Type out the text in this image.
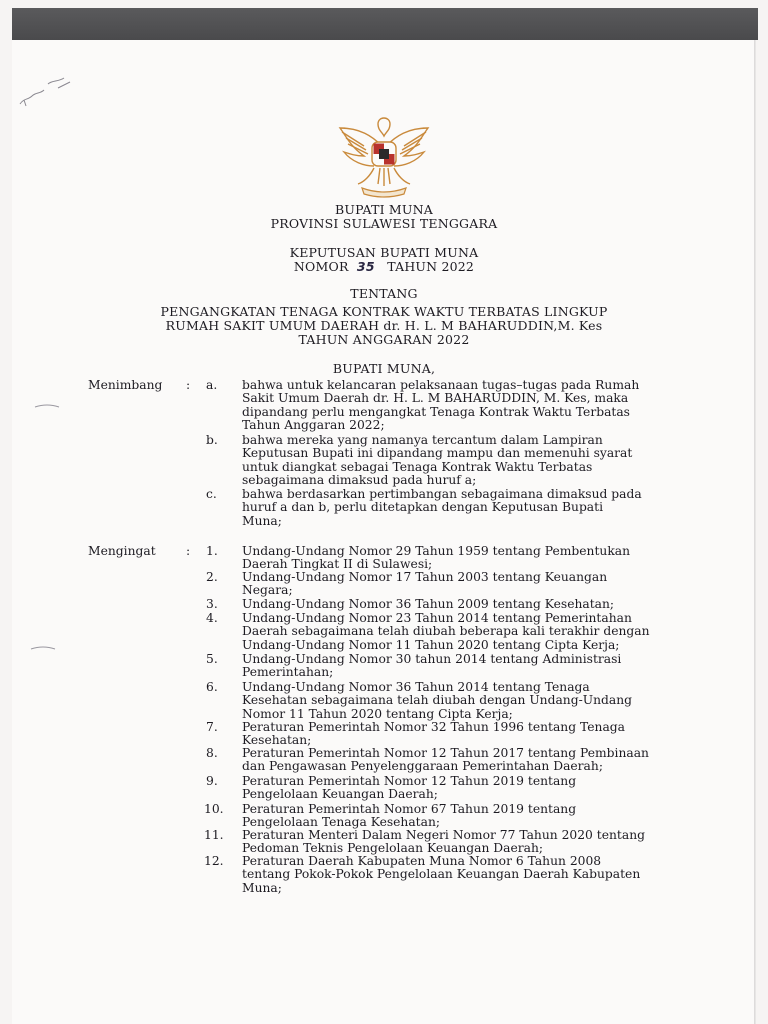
BUPATI MUNA
PROVINSI SULAWESI TENGGARA
KEPUTUSAN BUPATI MUNA
NOMOR 35 TAHUN 2022
TENTANG
PENGANGKATAN TENAGA KONTRAK WAKTU TERBATAS LINGKUP
RUMAH SAKIT UMUM DAERAH dr. H. L. M BAHARUDDIN,M. Kes
TAHUN ANGGARAN 2022
BUPATI MUNA,
Menimbang : a. bahwa untuk kelancaran pelaksanaan tugas–tugas pada Rumah
Sakit Umum Daerah dr. H. L. M BAHARUDDIN, M. Kes, maka
dipandang perlu mengangkat Tenaga Kontrak Waktu Terbatas
Tahun Anggaran 2022;
b. bahwa mereka yang namanya tercantum dalam Lampiran
Keputusan Bupati ini dipandang mampu dan memenuhi syarat
untuk diangkat sebagai Tenaga Kontrak Waktu Terbatas
sebagaimana dimaksud pada huruf a;
c. bahwa berdasarkan pertimbangan sebagaimana dimaksud pada
huruf a dan b, perlu ditetapkan dengan Keputusan Bupati
Muna;
Mengingat : 1. Undang-Undang Nomor 29 Tahun 1959 tentang Pembentukan
Daerah Tingkat II di Sulawesi;
2. Undang-Undang Nomor 17 Tahun 2003 tentang Keuangan
Negara;
3. Undang-Undang Nomor 36 Tahun 2009 tentang Kesehatan;
4. Undang-Undang Nomor 23 Tahun 2014 tentang Pemerintahan
Daerah sebagaimana telah diubah beberapa kali terakhir dengan
Undang-Undang Nomor 11 Tahun 2020 tentang Cipta Kerja;
5. Undang-Undang Nomor 30 tahun 2014 tentang Administrasi
Pemerintahan;
6. Undang-Undang Nomor 36 Tahun 2014 tentang Tenaga
Kesehatan sebagaimana telah diubah dengan Undang-Undang
Nomor 11 Tahun 2020 tentang Cipta Kerja;
7. Peraturan Pemerintah Nomor 32 Tahun 1996 tentang Tenaga
Kesehatan;
8. Peraturan Pemerintah Nomor 12 Tahun 2017 tentang Pembinaan
dan Pengawasan Penyelenggaraan Pemerintahan Daerah;
9. Peraturan Pemerintah Nomor 12 Tahun 2019 tentang
Pengelolaan Keuangan Daerah;
10. Peraturan Pemerintah Nomor 67 Tahun 2019 tentang
Pengelolaan Tenaga Kesehatan;
11. Peraturan Menteri Dalam Negeri Nomor 77 Tahun 2020 tentang
Pedoman Teknis Pengelolaan Keuangan Daerah;
12. Peraturan Daerah Kabupaten Muna Nomor 6 Tahun 2008
tentang Pokok-Pokok Pengelolaan Keuangan Daerah Kabupaten
Muna;
